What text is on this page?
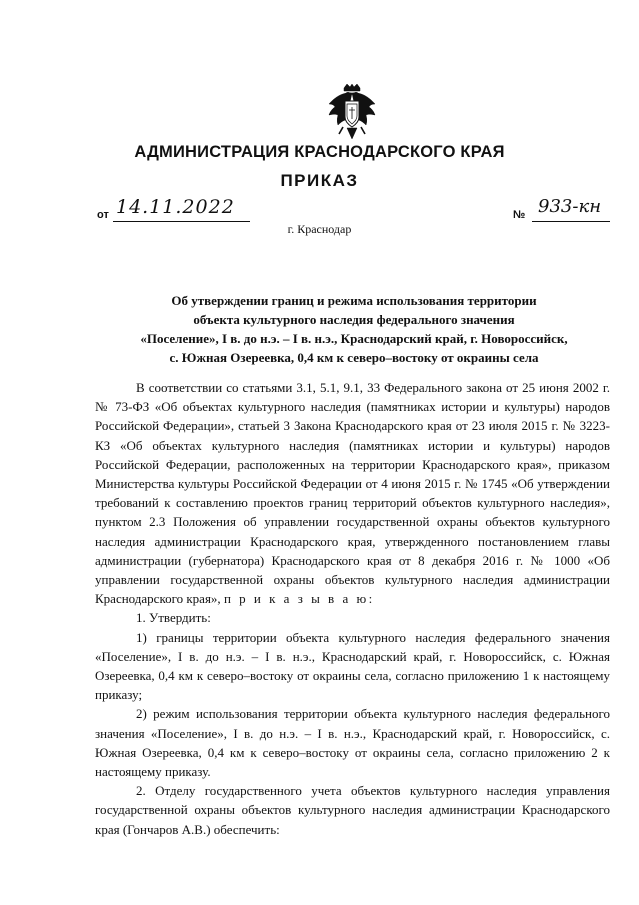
АДМИНИСТРАЦИЯ КРАСНОДАРСКОГО КРАЯ
ПРИКАЗ
от 14.11.2022	№ 933-кн
г. Краснодар
Об утверждении границ и режима использования территории
объекта культурного наследия федерального значения
«Поселение», I в. до н.э. – I в. н.э., Краснодарский край, г. Новороссийск,
с. Южная Озереевка, 0,4 км к северо–востоку от окраины села

В соответствии со статьями 3.1, 5.1, 9.1, 33 Федерального закона от 25 июня 2002 г. № 73-ФЗ «Об объектах культурного наследия (памятниках истории и культуры) народов Российской Федерации», статьей 3 Закона Краснодарского края от 23 июля 2015 г. № 3223-КЗ «Об объектах культурного наследия (памятниках истории и культуры) народов Российской Федерации, расположенных на территории Краснодарского края», приказом Министерства культуры Российской Федерации от 4 июня 2015 г. № 1745 «Об утверждении требований к составлению проектов границ территорий объектов культурного наследия», пунктом 2.3 Положения об управлении государственной охраны объектов культурного наследия администрации Краснодарского края, утвержденного постановлением главы администрации (губернатора) Краснодарского края от 8 декабря 2016 г. № 1000 «Об управлении государственной охраны объектов культурного наследия администрации Краснодарского края», п р и к а з ы в а ю:

1. Утвердить:

1) границы территории объекта культурного наследия федерального значения «Поселение», I в. до н.э. – I в. н.э., Краснодарский край, г. Новороссийск, с. Южная Озереевка, 0,4 км к северо–востоку от окраины села, согласно приложению 1 к настоящему приказу;

2) режим использования территории объекта культурного наследия федерального значения «Поселение», I в. до н.э. – I в. н.э., Краснодарский край, г. Новороссийск, с. Южная Озереевка, 0,4 км к северо–востоку от окраины села, согласно приложению 2 к настоящему приказу.

2. Отделу государственного учета объектов культурного наследия управления государственной охраны объектов культурного наследия администрации Краснодарского края (Гончаров А.В.) обеспечить:
